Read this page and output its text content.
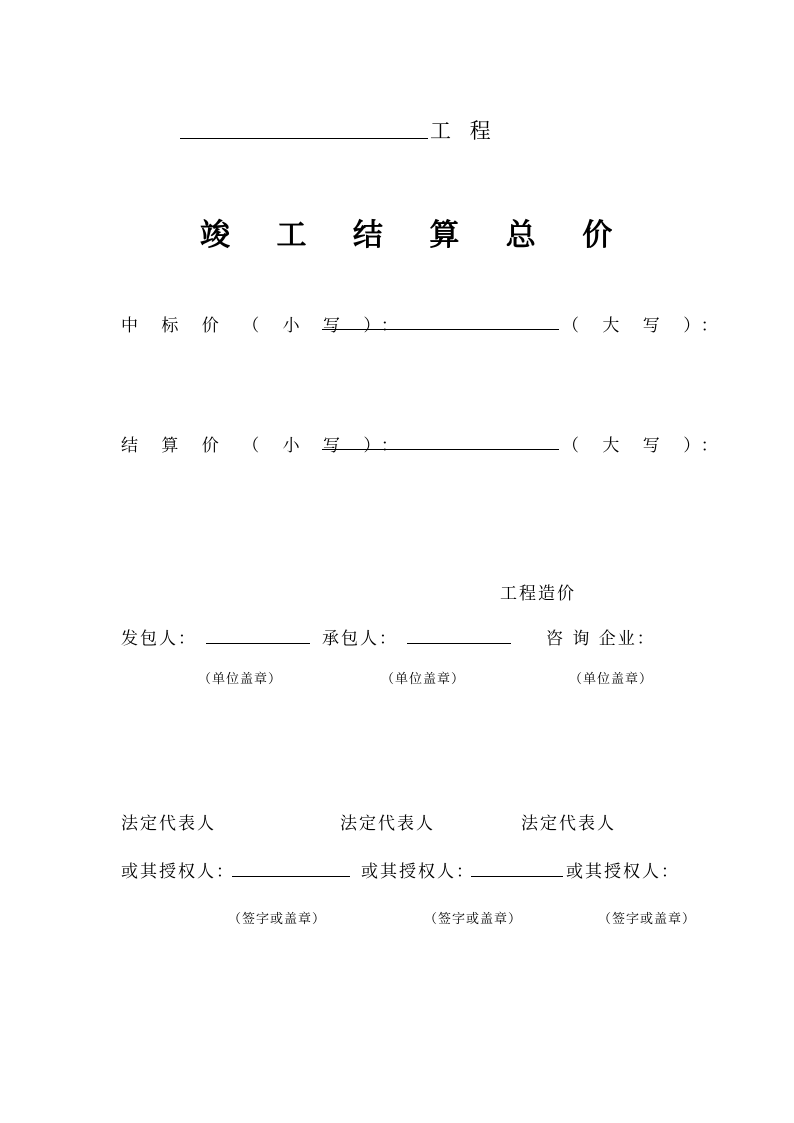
工 程
竣 工 结 算 总 价
中 标 价 （ 小 写 ）：	（ 大 写 ）：
结 算 价 （ 小 写 ）：	（ 大 写 ）：
工程造价
发包人：	承包人：	咨 询 企业：
（单位盖章）	（单位盖章）	（单位盖章）
法定代表人	法定代表人	法定代表人
或其授权人：	或其授权人：	或其授权人：
（签字或盖章）	（签字或盖章）	（签字或盖章）
